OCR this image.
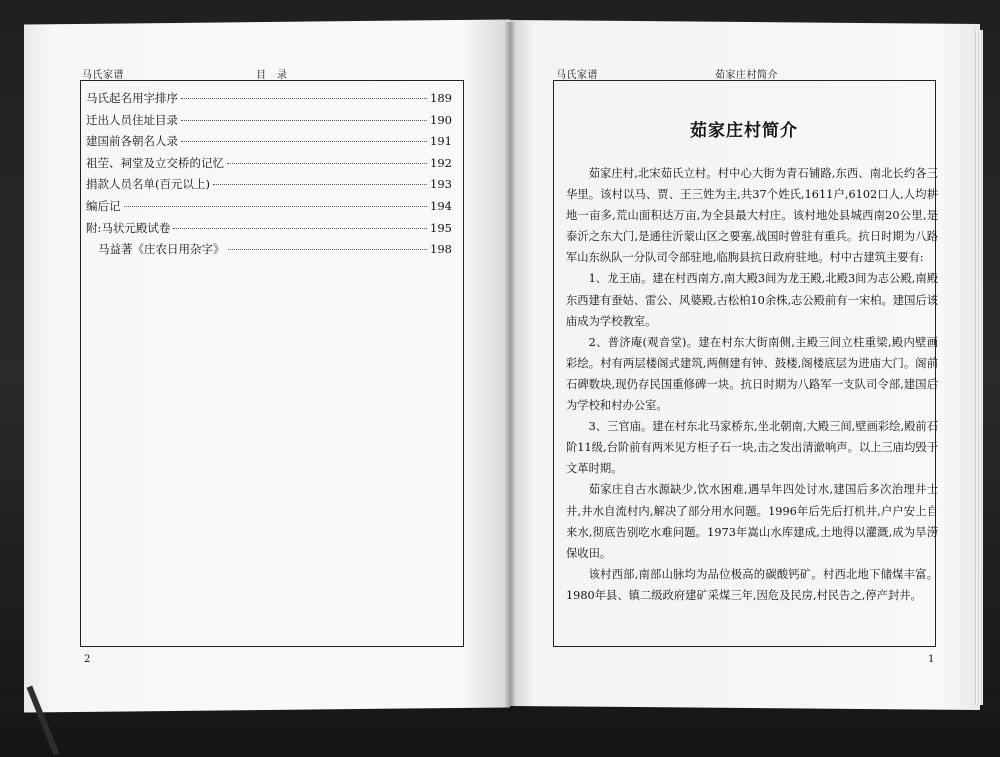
马氏家谱	目　录
马氏起名用字排序	189
迁出人员住址目录	190
建国前各朝名人录	191
祖茔、祠堂及立交桥的记忆	192
捐款人员名单(百元以上)	193
编后记	194
附:马状元殿试卷	195
马益著《庄农日用杂字》	198
2
马氏家谱	茹家庄村简介
茹家庄村简介

茹家庄村,北宋茹氏立村。村中心大街为青石铺路,东西、南北长约各三华里。该村以马、贾、王三姓为主,共37个姓氏,1611户,6102口人,人均耕地一亩多,荒山面积达万亩,为全县最大村庄。该村地处县城西南20公里,是泰沂之东大门,是通往沂蒙山区之要塞,战国时曾驻有重兵。抗日时期为八路军山东纵队一分队司令部驻地,临朐县抗日政府驻地。村中古建筑主要有:

1、龙王庙。建在村西南方,南大殿3间为龙王殿,北殿3间为志公殿,南殿东西建有蚕姑、雷公、风婆殿,古松柏10余株,志公殿前有一宋柏。建国后该庙成为学校教室。

2、普济庵(观音堂)。建在村东大街南侧,主殿三间立柱重梁,殿内壁画彩绘。村有两层楼阁式建筑,两侧建有钟、鼓楼,阁楼底层为进庙大门。阁前石碑数块,现仍存民国重修碑一块。抗日时期为八路军一支队司令部,建国后为学校和村办公室。

3、三官庙。建在村东北马家桥东,坐北朝南,大殿三间,壁画彩绘,殿前石阶11级,台阶前有两米见方柜子石一块,击之发出清澈响声。以上三庙均毁于文革时期。

茹家庄自古水源缺少,饮水困难,遇旱年四处讨水,建国后多次治理井士井,井水自流村内,解决了部分用水问题。1996年后先后打机井,户户安上自来水,彻底告别吃水难问题。1973年嵩山水库建成,土地得以灌溉,成为旱涝保收田。

该村西部,南部山脉均为品位极高的碳酸钙矿。村西北地下储煤丰富。1980年县、镇二级政府建矿采煤三年,因危及民房,村民告之,停产封井。

1
